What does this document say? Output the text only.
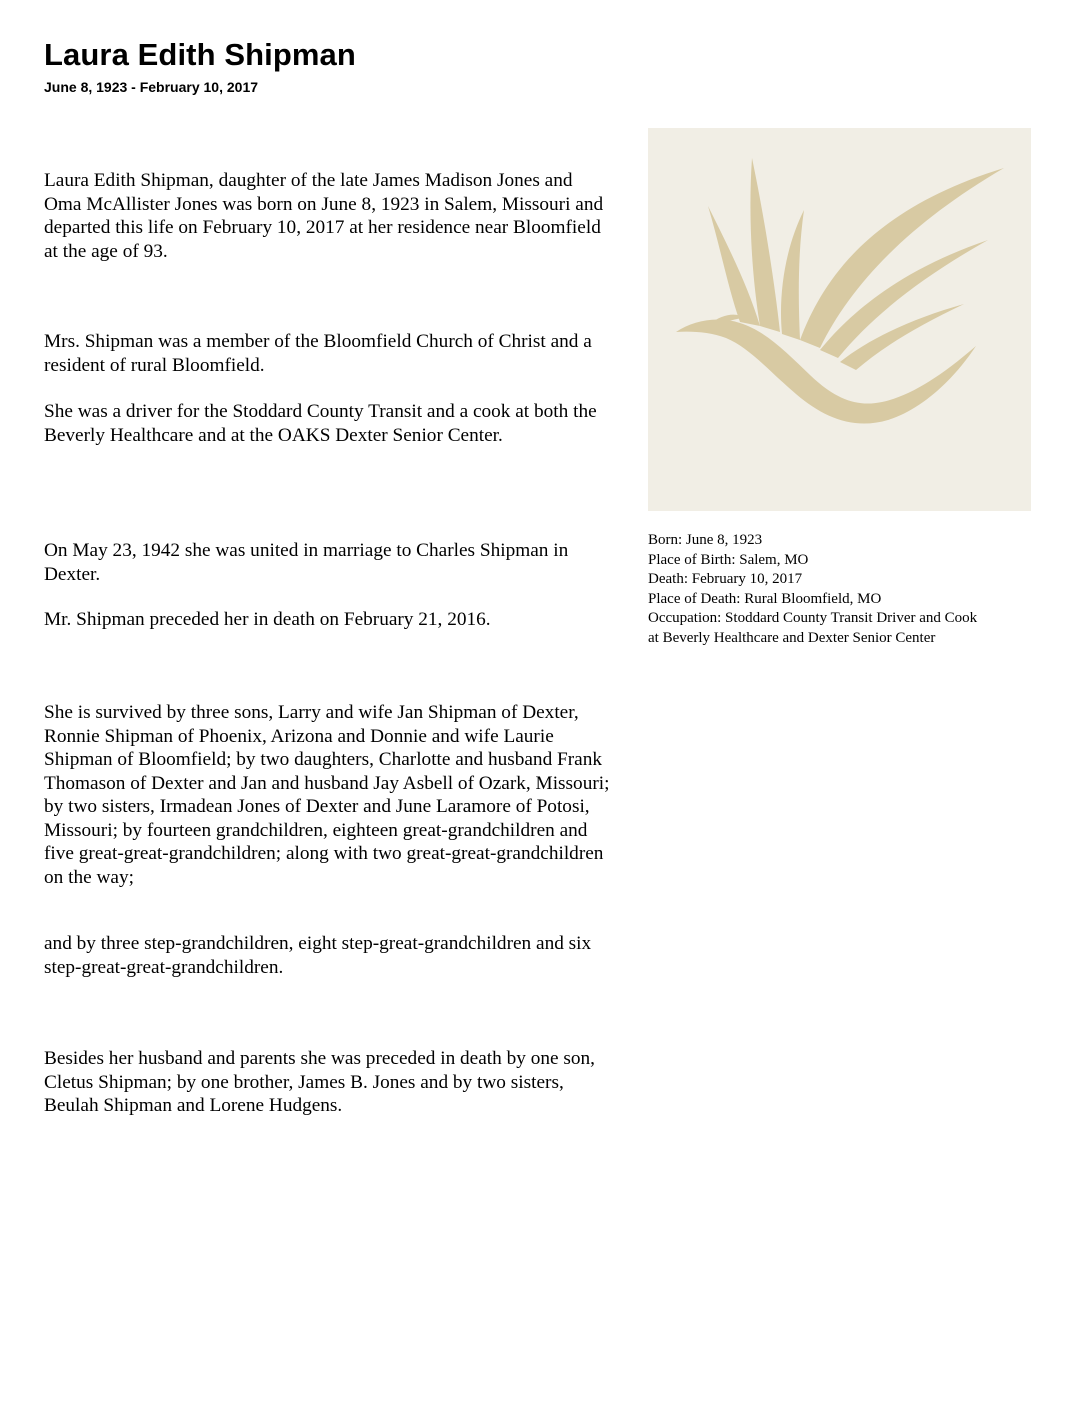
Laura Edith Shipman

June 8, 1923 - February 10, 2017

Laura Edith Shipman, daughter of the late James Madison Jones and Oma McAllister Jones was born on June 8, 1923 in Salem, Missouri and departed this life on February 10, 2017 at her residence near Bloomfield at the age of 93.

Mrs. Shipman was a member of the Bloomfield Church of Christ and a resident of rural Bloomfield.

She was a driver for the Stoddard County Transit and a cook at both the Beverly Healthcare and at the OAKS Dexter Senior Center.

On May 23, 1942 she was united in marriage to Charles Shipman in Dexter.

Mr. Shipman preceded her in death on February 21, 2016.

She is survived by three sons, Larry and wife Jan Shipman of Dexter, Ronnie Shipman of Phoenix, Arizona and Donnie and wife Laurie Shipman of Bloomfield; by two daughters, Charlotte and husband Frank Thomason of Dexter and Jan and husband Jay Asbell of Ozark, Missouri; by two sisters, Irmadean Jones of Dexter and June Laramore of Potosi, Missouri; by fourteen grandchildren, eighteen great-grandchildren and five great-great-grandchildren; along with two great-great-grandchildren on the way;

and by three step-grandchildren, eight step-great-grandchildren and six step-great-great-grandchildren.

Besides her husband and parents she was preceded in death by one son, Cletus Shipman; by one brother, James B. Jones and by two sisters, Beulah Shipman and Lorene Hudgens.

Born: June 8, 1923
Place of Birth: Salem, MO
Death: February 10, 2017
Place of Death: Rural Bloomfield, MO
Occupation: Stoddard County Transit Driver and Cook
at Beverly Healthcare and Dexter Senior Center
